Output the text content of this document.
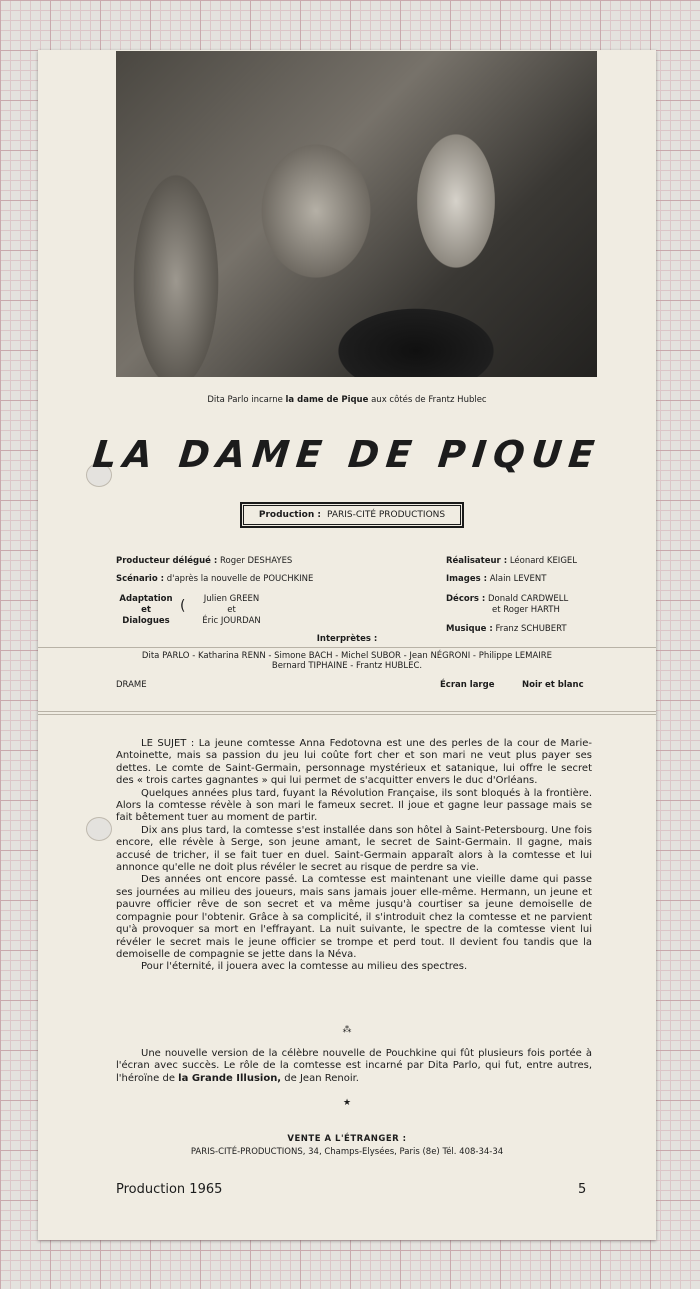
Dita Parlo incarne la dame de Pique aux côtés de Frantz Hublec
LA DAME DE PIQUE
Production : PARIS-CITÉ PRODUCTIONS
Producteur délégué : Roger DESHAYES
Scénario : d'après la nouvelle de POUCHKINE
Adaptation
et
Dialogues
(	Julien GREEN
et
Éric JOURDAN
Réalisateur : Léonard KEIGEL
Images : Alain LEVENT
Décors : Donald CARDWELL
et Roger HARTH
Musique : Franz SCHUBERT
Interprètes :
Dita PARLO - Katharina RENN - Simone BACH - Michel SUBOR - Jean NÉGRONI - Philippe LEMAIRE
Bernard TIPHAINE - Frantz HUBLEC.
DRAME	Écran large	Noir et blanc

LE SUJET : La jeune comtesse Anna Fedotovna est une des perles de la cour de Marie-Antoinette, mais sa passion du jeu lui coûte fort cher et son mari ne veut plus payer ses dettes. Le comte de Saint-Germain, personnage mystérieux et satanique, lui offre le secret des « trois cartes gagnantes » qui lui permet de s'acquitter envers le duc d'Orléans.

Quelques années plus tard, fuyant la Révolution Française, ils sont bloqués à la frontière. Alors la comtesse révèle à son mari le fameux secret. Il joue et gagne leur passage mais se fait bêtement tuer au moment de partir.

Dix ans plus tard, la comtesse s'est installée dans son hôtel à Saint-Petersbourg. Une fois encore, elle révèle à Serge, son jeune amant, le secret de Saint-Germain. Il gagne, mais accusé de tricher, il se fait tuer en duel. Saint-Germain apparaît alors à la comtesse et lui annonce qu'elle ne doit plus révéler le secret au risque de perdre sa vie.

Des années ont encore passé. La comtesse est maintenant une vieille dame qui passe ses journées au milieu des joueurs, mais sans jamais jouer elle-même. Hermann, un jeune et pauvre officier rêve de son secret et va même jusqu'à courtiser sa jeune demoiselle de compagnie pour l'obtenir. Grâce à sa complicité, il s'introduit chez la comtesse et ne parvient qu'à provoquer sa mort en l'effrayant. La nuit suivante, le spectre de la comtesse vient lui révéler le secret mais le jeune officier se trompe et perd tout. Il devient fou tandis que la demoiselle de compagnie se jette dans la Néva.

Pour l'éternité, il jouera avec la comtesse au milieu des spectres.

⁂

Une nouvelle version de la célèbre nouvelle de Pouchkine qui fût plusieurs fois portée à l'écran avec succès. Le rôle de la comtesse est incarné par Dita Parlo, qui fut, entre autres, l'héroïne de la Grande Illusion, de Jean Renoir.

★
VENTE A L'ÉTRANGER :
PARIS-CITÉ-PRODUCTIONS, 34, Champs-Elysées, Paris (8e) Tél. 408-34-34
Production 1965	5
